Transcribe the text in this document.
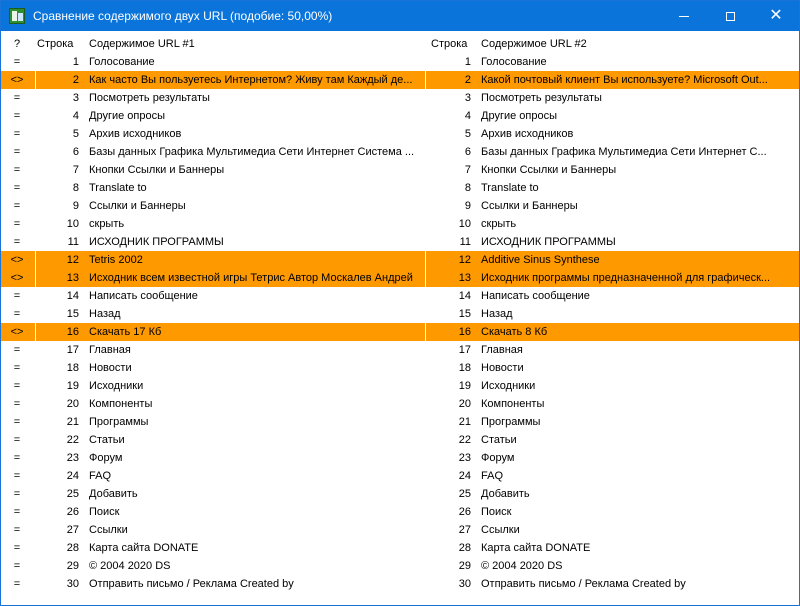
Сравнение содержимого двух URL (подобие: 50,00%)	✕
?	Строка	Содержимое URL #1	Строка	Содержимое URL #2
=	1 Голосование	1 Голосование
<>	2 Как часто Вы пользуетесь Интернетом? Живу там Каждый де...	2 Какой почтовый клиент Вы используете? Microsoft Out...
=	3 Посмотреть результаты	3 Посмотреть результаты
=	4 Другие опросы	4 Другие опросы
=	5 Архив исходников	5 Архив исходников
=	6 Базы данных Графика Мультимедиа Сети Интернет Система ...	6 Базы данных Графика Мультимедиа Сети Интернет С...
=	7 Кнопки Ссылки и Баннеры	7 Кнопки Ссылки и Баннеры
=	8 Translate to	8 Translate to
=	9 Ссылки и Баннеры	9 Ссылки и Баннеры
=	10 скрыть	10 скрыть
=	11 ИСХОДНИК ПРОГРАММЫ	11 ИСХОДНИК ПРОГРАММЫ
<>	12 Tetris 2002	12 Additive Sinus Synthese
<>	13 Исходник всем известной игры Тетрис Автор Москалев Андрей	13 Исходник программы предназначенной для графическ...
=	14 Написать сообщение	14 Написать сообщение
=	15 Назад	15 Назад
<>	16 Скачать 17 Кб	16 Скачать 8 Кб
=	17 Главная	17 Главная
=	18 Новости	18 Новости
=	19 Исходники	19 Исходники
=	20 Компоненты	20 Компоненты
=	21 Программы	21 Программы
=	22 Статьи	22 Статьи
=	23 Форум	23 Форум
=	24 FAQ	24 FAQ
=	25 Добавить	25 Добавить
=	26 Поиск	26 Поиск
=	27 Ссылки	27 Ссылки
=	28 Карта сайта DONATE	28 Карта сайта DONATE
=	29 © 2004 2020 DS	29 © 2004 2020 DS
=	30 Отправить письмо / Реклама Created by	30 Отправить письмо / Реклама Created by
